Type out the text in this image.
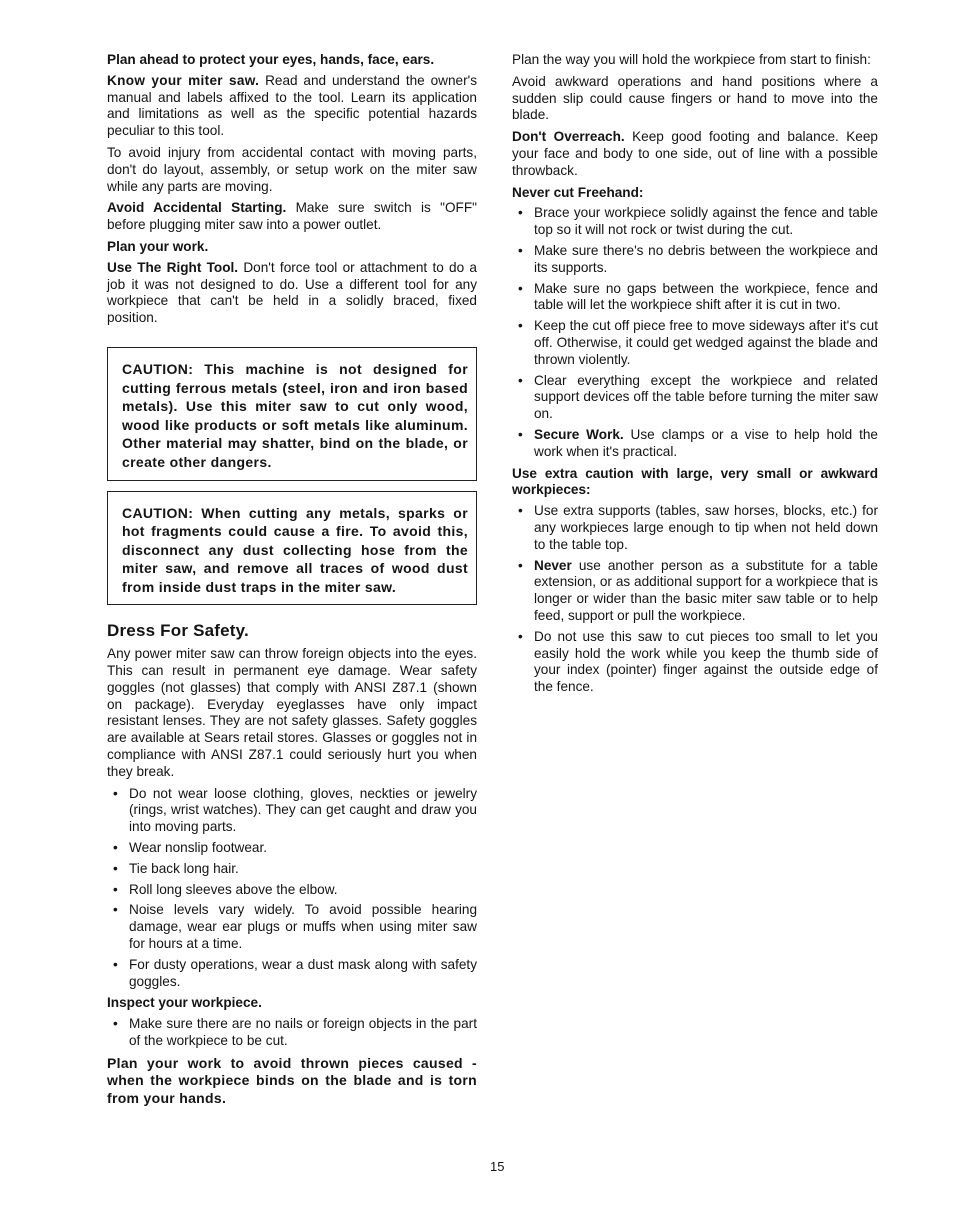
Plan ahead to protect your eyes, hands, face, ears.

Know your miter saw. Read and understand the owner's manual and labels affixed to the tool. Learn its application and limitations as well as the specific potential hazards peculiar to this tool.

To avoid injury from accidental contact with moving parts, don't do layout, assembly, or setup work on the miter saw while any parts are moving.

Avoid Accidental Starting. Make sure switch is "OFF" before plugging miter saw into a power outlet.

Plan your work.

Use The Right Tool. Don't force tool or attachment to do a job it was not designed to do. Use a different tool for any workpiece that can't be held in a solidly braced, fixed position.

CAUTION: This machine is not designed for cutting ferrous metals (steel, iron and iron based metals). Use this miter saw to cut only wood, wood like products or soft metals like aluminum. Other material may shatter, bind on the blade, or create other dangers.
CAUTION: When cutting any metals, sparks or hot fragments could cause a fire. To avoid this, disconnect any dust collecting hose from the miter saw, and remove all traces of wood dust from inside dust traps in the miter saw.
Dress For Safety.

Any power miter saw can throw foreign objects into the eyes. This can result in permanent eye damage. Wear safety goggles (not glasses) that comply with ANSI Z87.1 (shown on package). Everyday eyeglasses have only impact resistant lenses. They are not safety glasses. Safety goggles are available at Sears retail stores. Glasses or goggles not in compliance with ANSI Z87.1 could seriously hurt you when they break.

• Do not wear loose clothing, gloves, neckties or jewelry (rings, wrist watches). They can get caught and draw you into moving parts.
• Wear nonslip footwear.
• Tie back long hair.
• Roll long sleeves above the elbow.
• Noise levels vary widely. To avoid possible hearing damage, wear ear plugs or muffs when using miter saw for hours at a time.
• For dusty operations, wear a dust mask along with safety goggles.

Inspect your workpiece.

• Make sure there are no nails or foreign objects in the part of the workpiece to be cut.

Plan your work to avoid thrown pieces caused - when the workpiece binds on the blade and is torn from your hands.

Plan the way you will hold the workpiece from start to finish:

Avoid awkward operations and hand positions where a sudden slip could cause fingers or hand to move into the blade.

Don't Overreach. Keep good footing and balance. Keep your face and body to one side, out of line with a possible throwback.

Never cut Freehand:

• Brace your workpiece solidly against the fence and table top so it will not rock or twist during the cut.
• Make sure there's no debris between the workpiece and its supports.
• Make sure no gaps between the workpiece, fence and table will let the workpiece shift after it is cut in two.
• Keep the cut off piece free to move sideways after it's cut off. Otherwise, it could get wedged against the blade and thrown violently.
• Clear everything except the workpiece and related support devices off the table before turning the miter saw on.
• Secure Work. Use clamps or a vise to help hold the work when it's practical.

Use extra caution with large, very small or awkward workpieces:

• Use extra supports (tables, saw horses, blocks, etc.) for any workpieces large enough to tip when not held down to the table top.
• Never use another person as a substitute for a table extension, or as additional support for a workpiece that is longer or wider than the basic miter saw table or to help feed, support or pull the workpiece.
• Do not use this saw to cut pieces too small to let you easily hold the work while you keep the thumb side of your index (pointer) finger against the outside edge of the fence.
15
